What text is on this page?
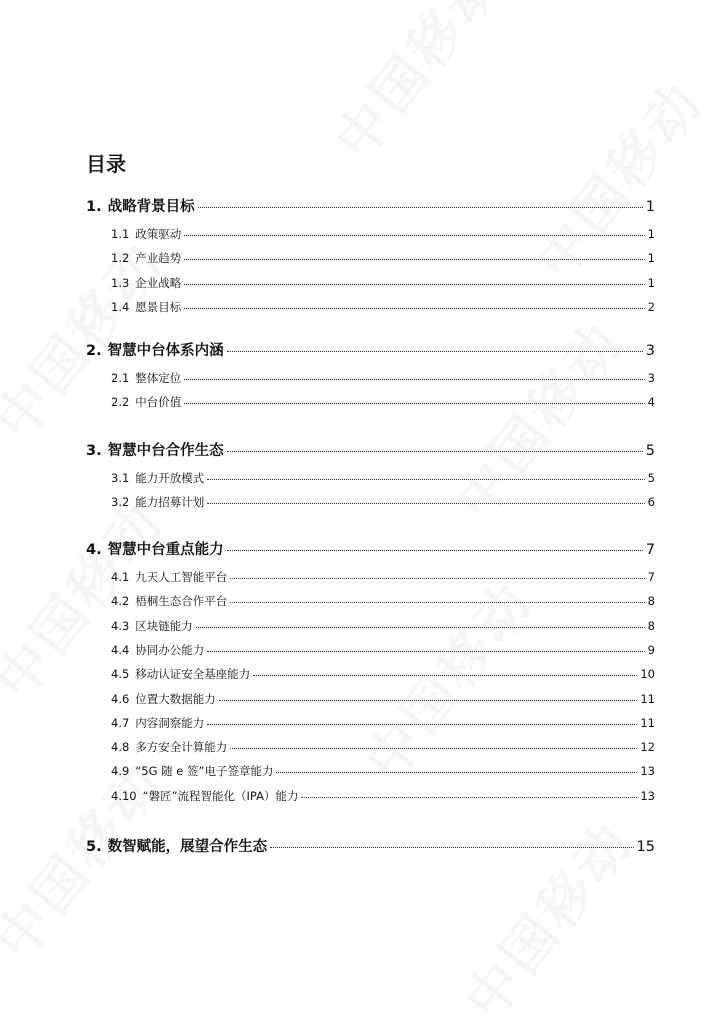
目录
1. 战略背景目标	1
1.1 政策驱动	1
1.2 产业趋势	1
1.3 企业战略	1
1.4 愿景目标	2
2. 智慧中台体系内涵	3
2.1 整体定位	3
2.2 中台价值	4
3. 智慧中台合作生态	5
3.1 能力开放模式	5
3.2 能力招募计划	6
4. 智慧中台重点能力	7
4.1 九天人工智能平台	7
4.2 梧桐生态合作平台	8
4.3 区块链能力	8
4.4 协同办公能力	9
4.5 移动认证安全基座能力	10
4.6 位置大数据能力	11
4.7 内容洞察能力	11
4.8 多方安全计算能力	12
4.9 “5G 随 e 签”电子签章能力	13
4.10 “磐匠”流程智能化（IPA）能力	13
5. 数智赋能，展望合作生态	15
